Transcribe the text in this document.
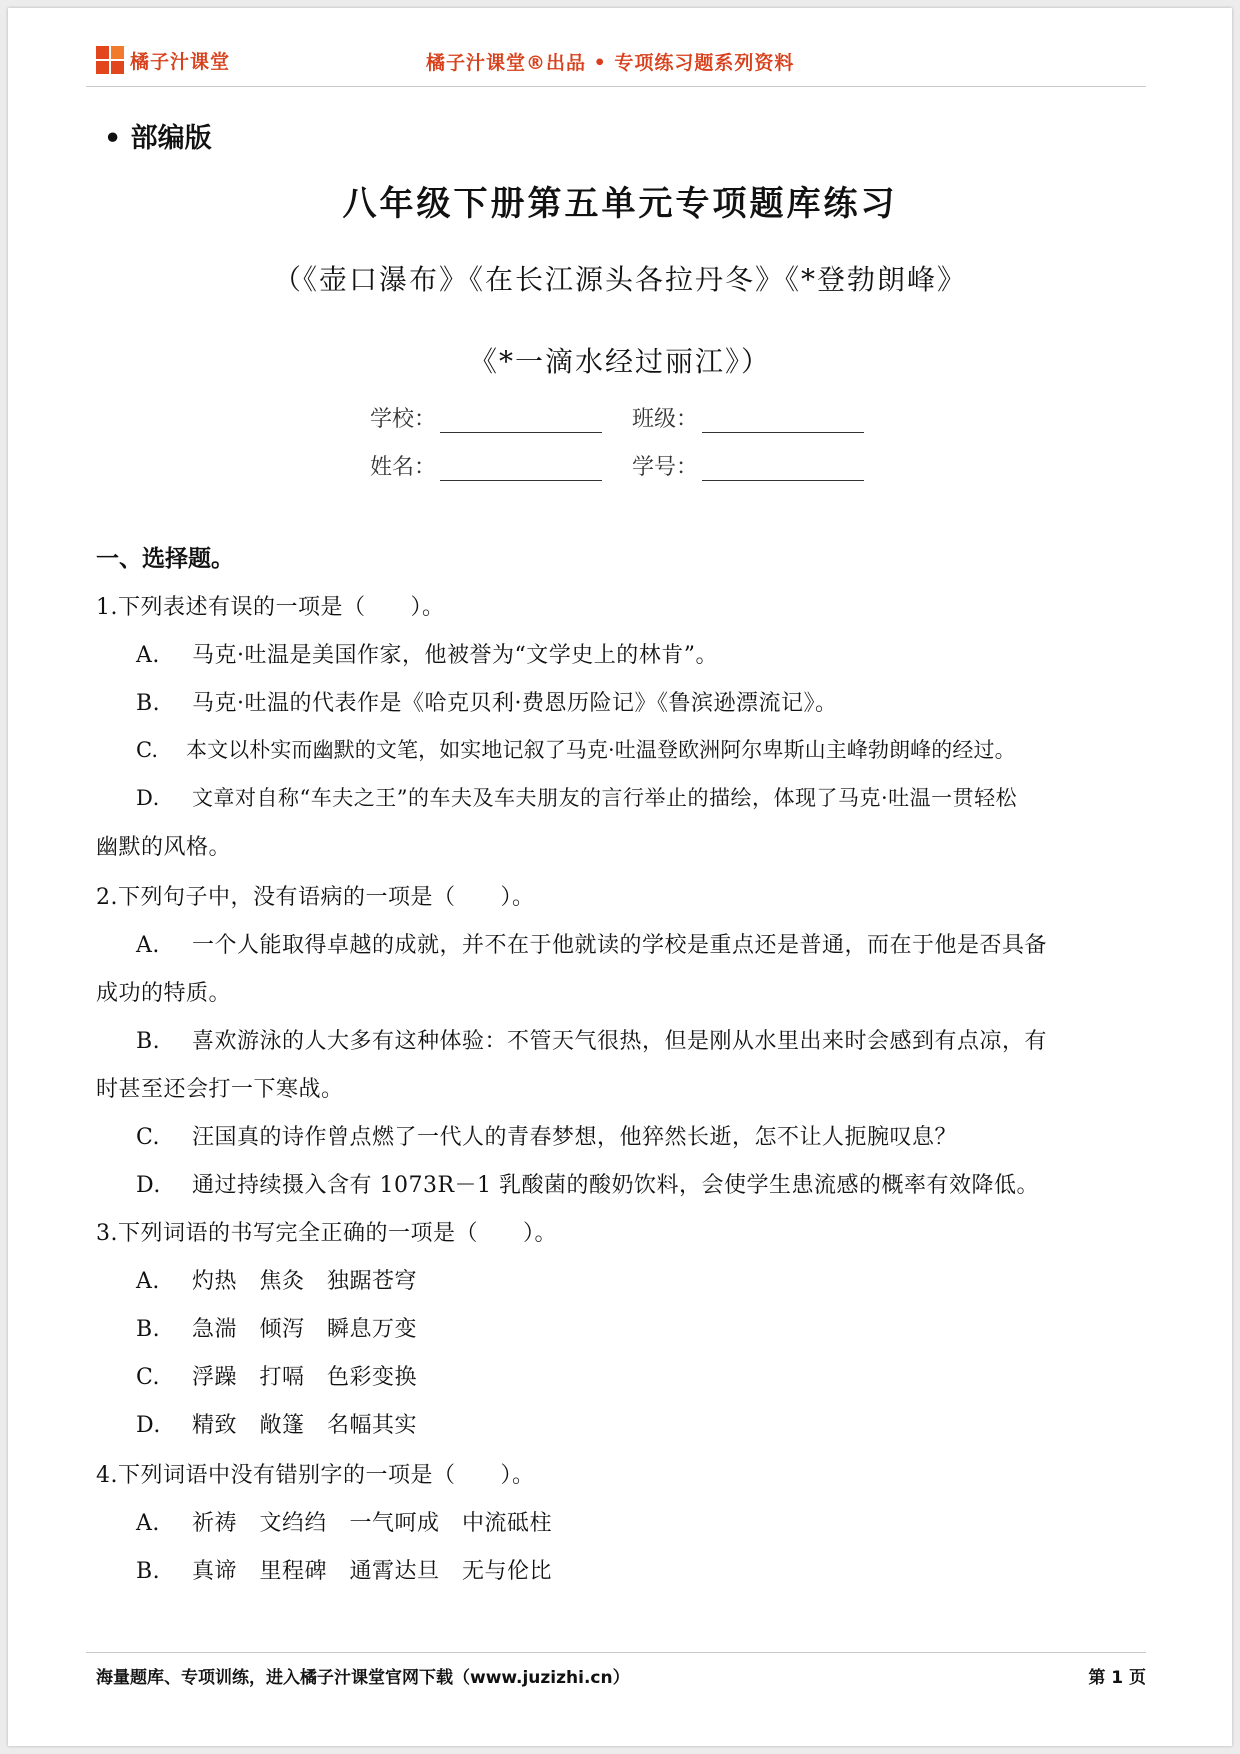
橘子汁课堂	橘子汁课堂®出品 • 专项练习题系列资料
• 部编版
八年级下册第五单元专项题库练习
（《壶口瀑布》《在长江源头各拉丹冬》《*登勃朗峰》
《*一滴水经过丽江》）
学校：	班级：
姓名：	学号：
一、选择题。
1.下列表述有误的一项是（　　）。
A. 马克·吐温是美国作家，他被誉为“文学史上的林肯”。
B. 马克·吐温的代表作是《哈克贝利·费恩历险记》《鲁滨逊漂流记》。
C. 本文以朴实而幽默的文笔，如实地记叙了马克·吐温登欧洲阿尔卑斯山主峰勃朗峰的经过。
D. 文章对自称“车夫之王”的车夫及车夫朋友的言行举止的描绘，体现了马克·吐温一贯轻松
幽默的风格。
2.下列句子中，没有语病的一项是（　　）。
A. 一个人能取得卓越的成就，并不在于他就读的学校是重点还是普通，而在于他是否具备
成功的特质。
B. 喜欢游泳的人大多有这种体验：不管天气很热，但是刚从水里出来时会感到有点凉，有
时甚至还会打一下寒战。
C. 汪国真的诗作曾点燃了一代人的青春梦想，他猝然长逝，怎不让人扼腕叹息？
D. 通过持续摄入含有 1073R－1 乳酸菌的酸奶饮料，会使学生患流感的概率有效降低。
3.下列词语的书写完全正确的一项是（　　）。
A. 灼热　焦灸　独踞苍穹
B. 急湍　倾泻　瞬息万变
C. 浮躁　打嗝　色彩变换
D. 精致　敞篷　名幅其实
4.下列词语中没有错别字的一项是（　　）。
A. 祈祷　文绉绉　一气呵成　中流砥柱
B. 真谛　里程碑　通霄达旦　无与伦比
海量题库、专项训练，进入橘子汁课堂官网下载（www.juzizhi.cn）	第 1 页
